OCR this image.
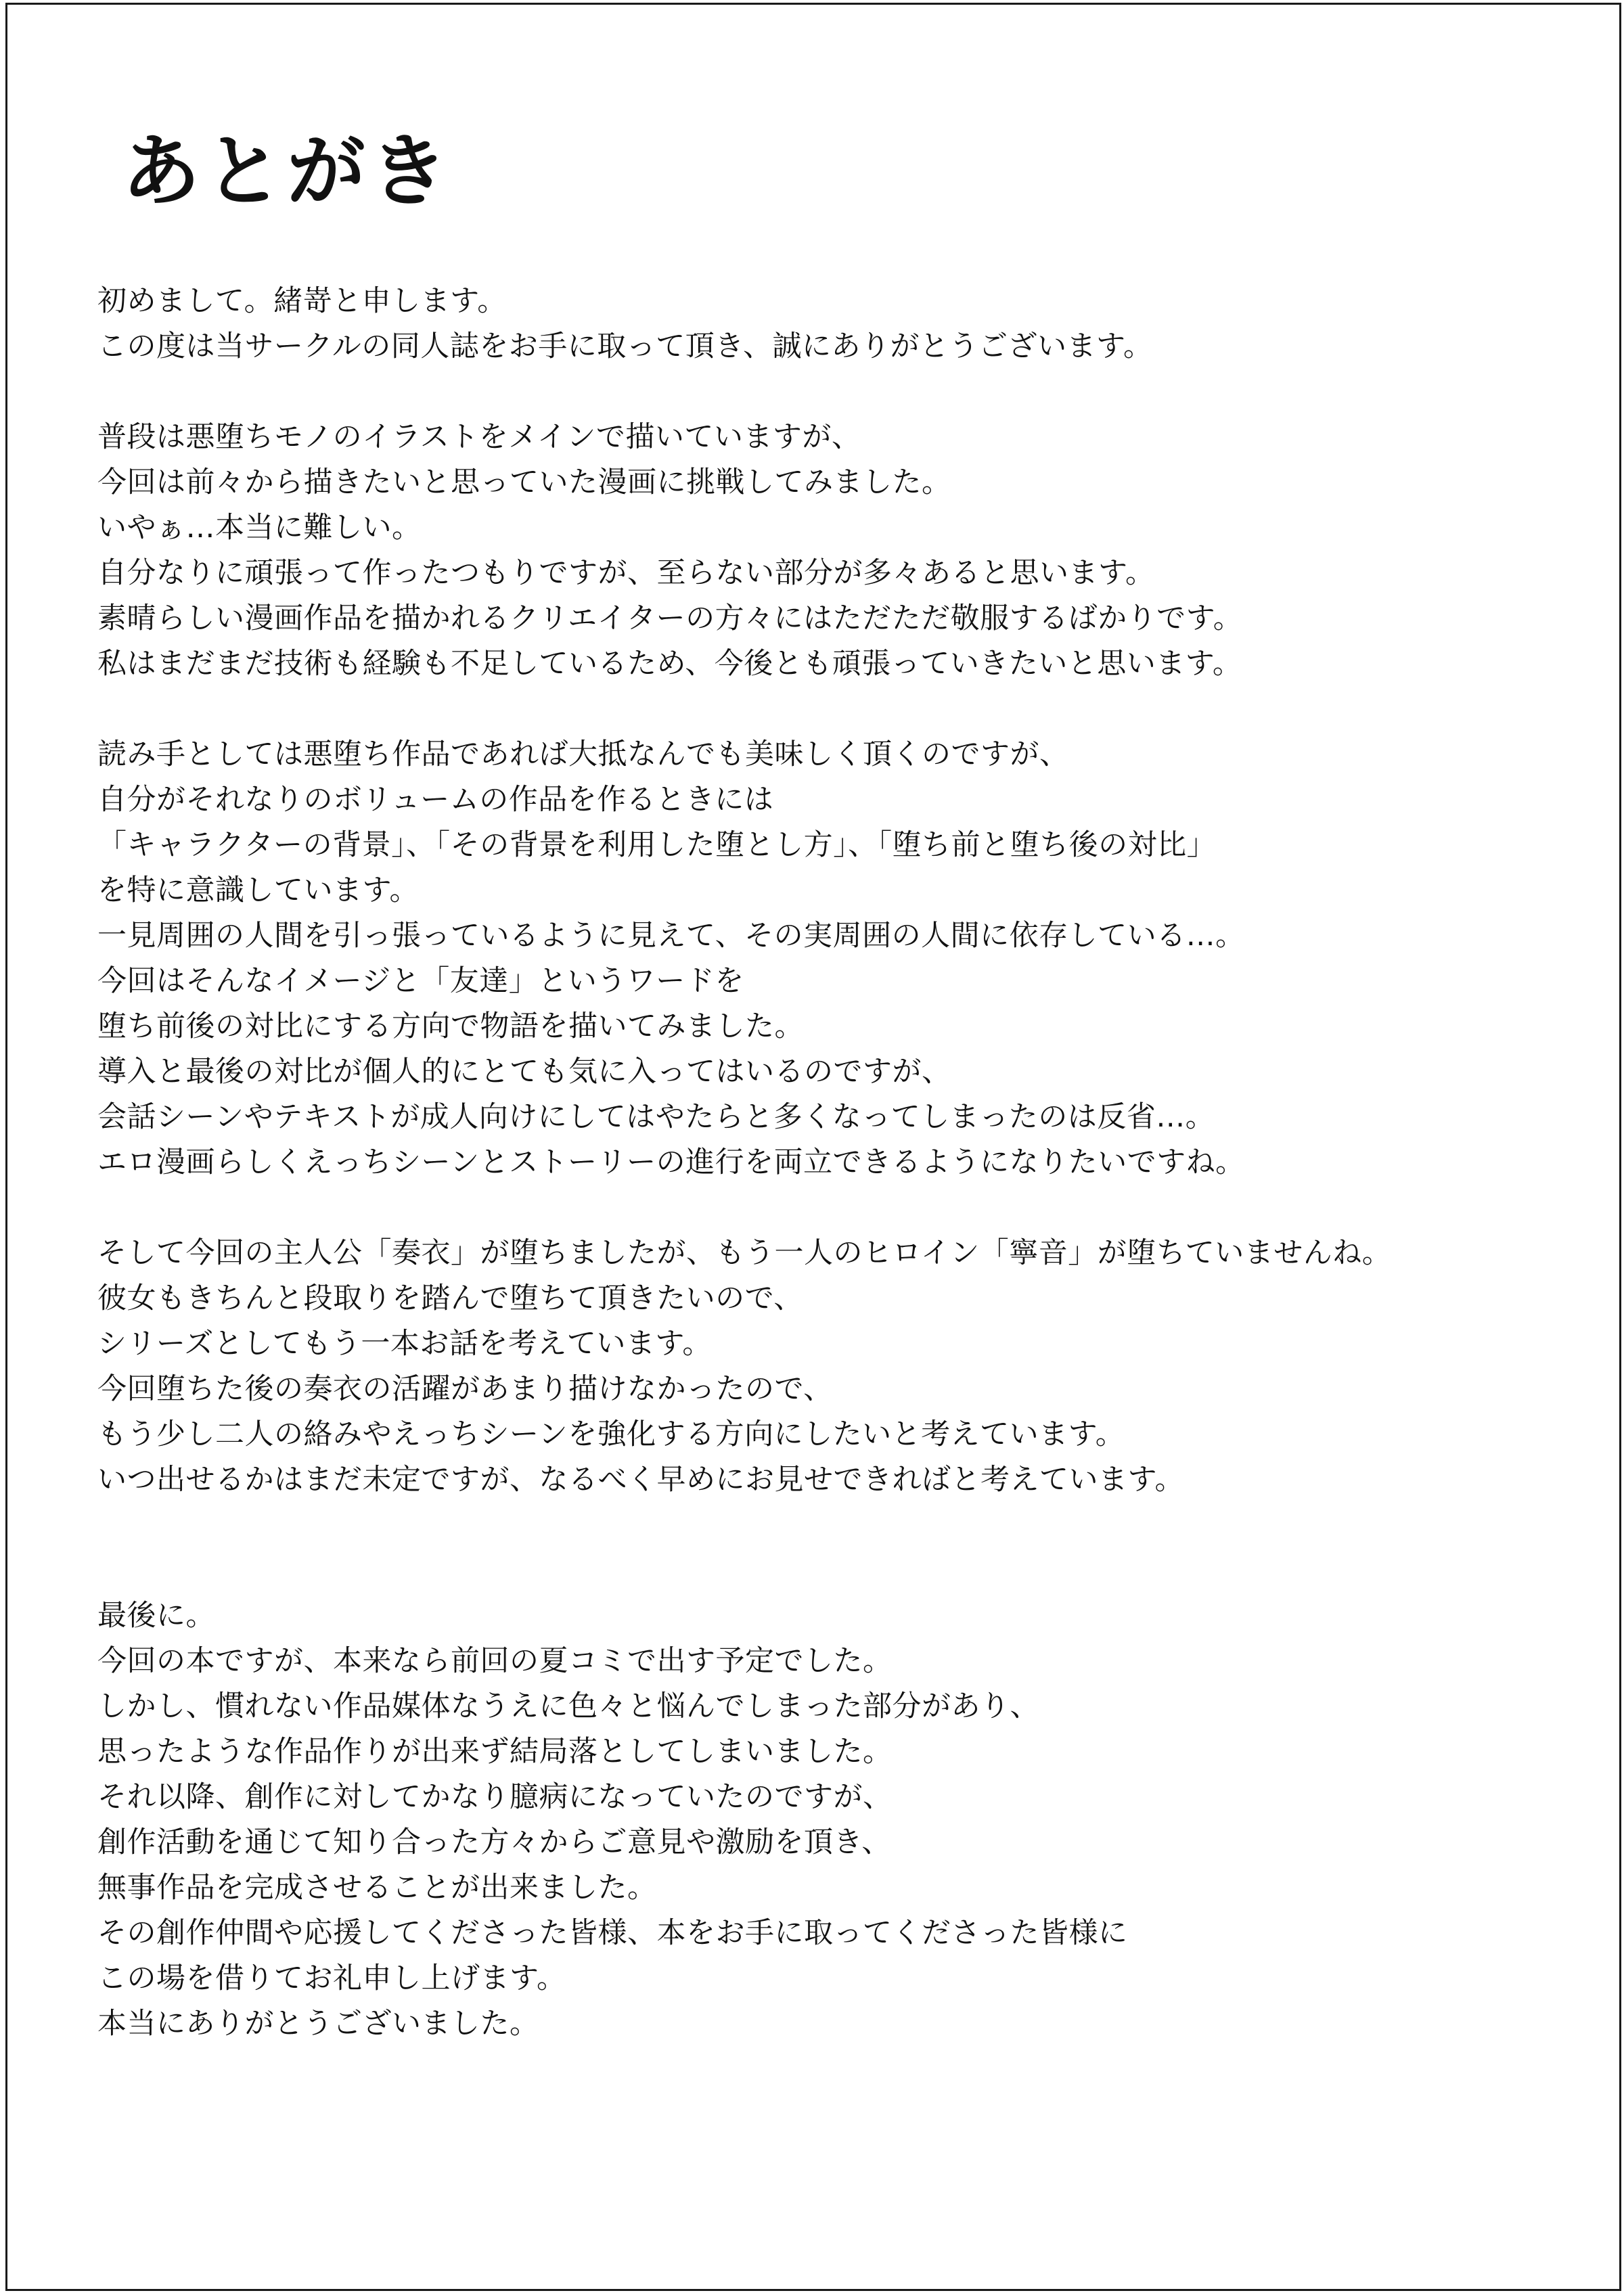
あとがき
初めまして。緒嵜と申します。
この度は当サークルの同人誌をお手に取って頂き、誠にありがとうございます。
普段は悪堕ちモノのイラストをメインで描いていますが、
今回は前々から描きたいと思っていた漫画に挑戦してみました。
いやぁ…本当に難しい。
自分なりに頑張って作ったつもりですが、至らない部分が多々あると思います。
素晴らしい漫画作品を描かれるクリエイターの方々にはただただ敬服するばかりです。
私はまだまだ技術も経験も不足しているため、今後とも頑張っていきたいと思います。
読み手としては悪堕ち作品であれば大抵なんでも美味しく頂くのですが、
自分がそれなりのボリュームの作品を作るときには
「キャラクターの背景」、「その背景を利用した堕とし方」、「堕ち前と堕ち後の対比」
を特に意識しています。
一見周囲の人間を引っ張っているように見えて、その実周囲の人間に依存している…。
今回はそんなイメージと「友達」というワードを
堕ち前後の対比にする方向で物語を描いてみました。
導入と最後の対比が個人的にとても気に入ってはいるのですが、
会話シーンやテキストが成人向けにしてはやたらと多くなってしまったのは反省…。
エロ漫画らしくえっちシーンとストーリーの進行を両立できるようになりたいですね。
そして今回の主人公「奏衣」が堕ちましたが、もう一人のヒロイン「寧音」が堕ちていませんね。
彼女もきちんと段取りを踏んで堕ちて頂きたいので、
シリーズとしてもう一本お話を考えています。
今回堕ちた後の奏衣の活躍があまり描けなかったので、
もう少し二人の絡みやえっちシーンを強化する方向にしたいと考えています。
いつ出せるかはまだ未定ですが、なるべく早めにお見せできればと考えています。
最後に。
今回の本ですが、本来なら前回の夏コミで出す予定でした。
しかし、慣れない作品媒体なうえに色々と悩んでしまった部分があり、
思ったような作品作りが出来ず結局落としてしまいました。
それ以降、創作に対してかなり臆病になっていたのですが、
創作活動を通じて知り合った方々からご意見や激励を頂き、
無事作品を完成させることが出来ました。
その創作仲間や応援してくださった皆様、本をお手に取ってくださった皆様に
この場を借りてお礼申し上げます。
本当にありがとうございました。
